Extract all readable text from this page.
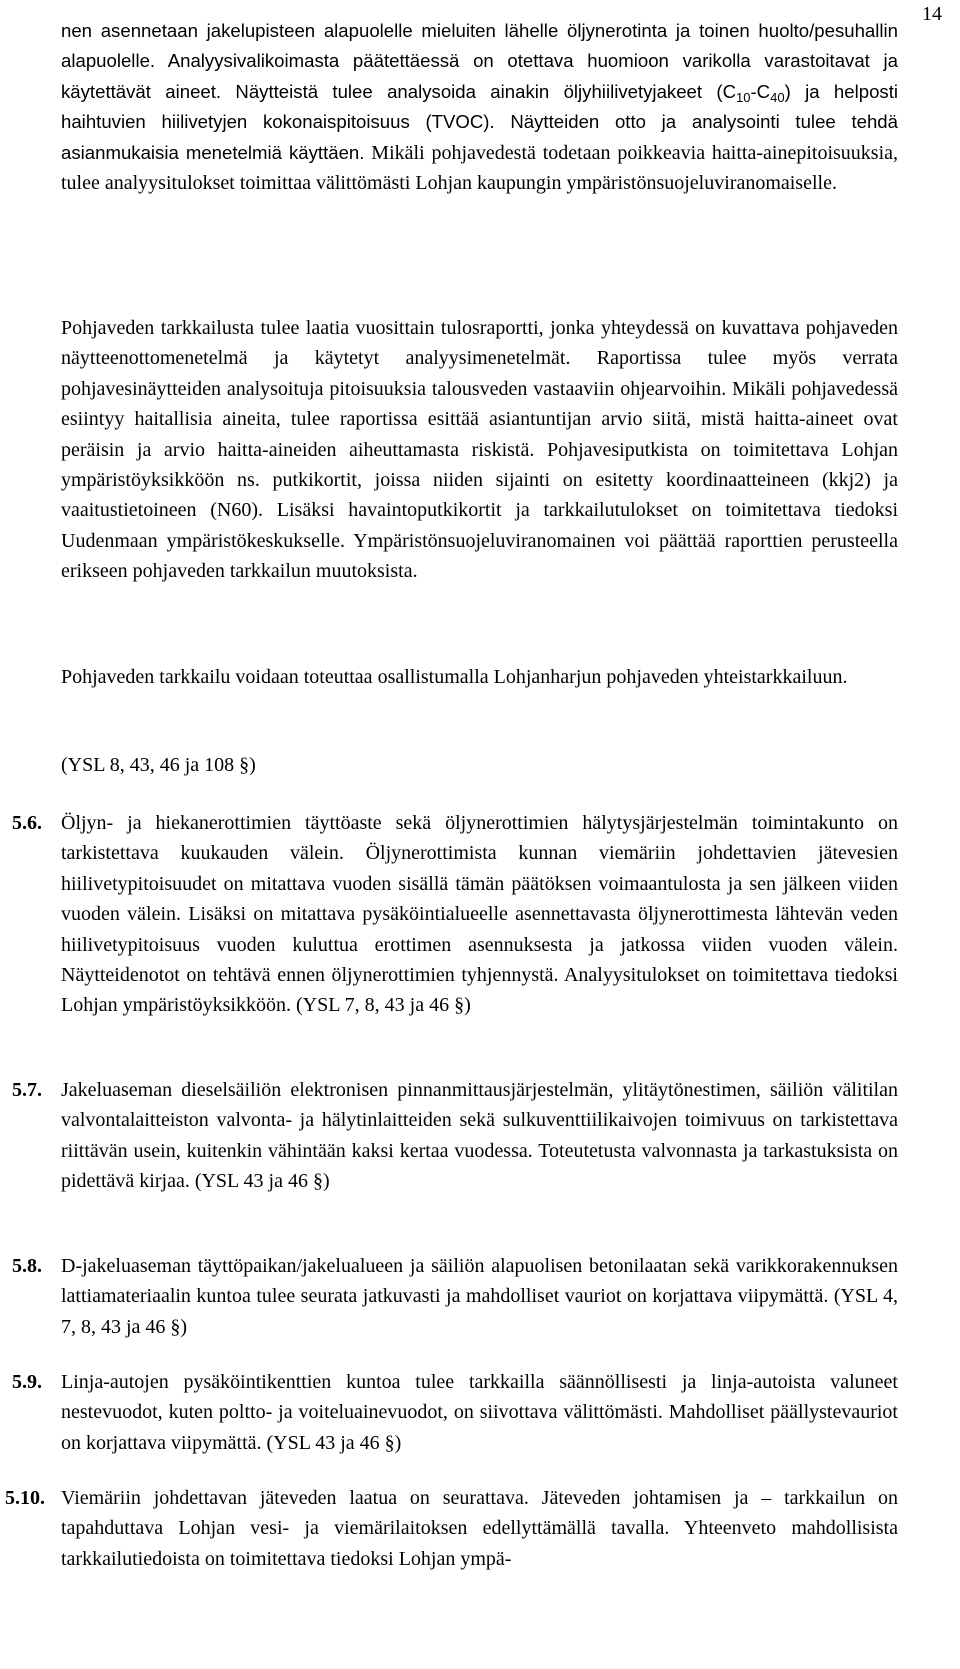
14

nen asennetaan jakelupisteen alapuolelle mieluiten lähelle öljynerotinta ja toinen huolto/pesuhallin alapuolelle. Analyysivalikoimasta päätettäessä on otettava huomioon varikolla varastoitavat ja käytettävät aineet. Näytteistä tulee analysoida ainakin öljyhiilivetyjakeet $(C_{10}-C_{40})$ ja helposti haihtuvien hiilivetyjen kokonaispitoisuus (TVOC). Näytteiden otto ja analysointi tulee tehdä asianmukaisia menetelmiä käyttäen. Mikäli pohjavedestä todetaan poikkeavia haitta-ainepitoisuuksia, tulee analyysitulokset toimittaa välittömästi Lohjan kaupungin ympäristönsuojeluviranomaiselle.

Pohjaveden tarkkailusta tulee laatia vuosittain tulosraportti, jonka yhteydessä on kuvattava pohjaveden näytteenottomenetelmä ja käytetyt analyysimenetelmät. Raportissa tulee myös verrata pohjavesinäytteiden analysoituja pitoisuuksia talousveden vastaaviin ohjearvoihin. Mikäli pohjavedessä esiintyy haitallisia aineita, tulee raportissa esittää asiantuntijan arvio siitä, mistä haitta-aineet ovat peräisin ja arvio haitta-aineiden aiheuttamasta riskistä. Pohjavesiputkista on toimitettava Lohjan ympäristöyksikköön ns. putkikortit, joissa niiden sijainti on esitetty koordinaatteineen (kkj2) ja vaaitustietoineen (N60). Lisäksi havaintoputkikortit ja tarkkailutulokset on toimitettava tiedoksi Uudenmaan ympäristökeskukselle. Ympäristönsuojeluviranomainen voi päättää raporttien perusteella erikseen pohjaveden tarkkailun muutoksista.

Pohjaveden tarkkailu voidaan toteuttaa osallistumalla Lohjanharjun pohjaveden yhteistarkkailuun.

(YSL 8, 43, 46 ja 108 §)
5.6. Öljyn- ja hiekanerottimien täyttöaste sekä öljynerottimien hälytysjärjestelmän toimintakunto on tarkistettava kuukauden välein. Öljynerottimista kunnan viemäriin johdettavien jätevesien hiilivetypitoisuudet on mitattava vuoden sisällä tämän päätöksen voimaantulosta ja sen jälkeen viiden vuoden välein. Lisäksi on mitattava pysäköintialueelle asennettavasta öljynerottimesta lähtevän veden hiilivetypitoisuus vuoden kuluttua erottimen asennuksesta ja jatkossa viiden vuoden välein. Näytteidenotot on tehtävä ennen öljynerottimien tyhjennystä. Analyysitulokset on toimitettava tiedoksi Lohjan ympäristöyksikköön. (YSL 7, 8, 43 ja 46 §)

5.7. Jakeluaseman dieselsäiliön elektronisen pinnanmittausjärjestelmän, ylitäytönestimen, säiliön välitilan valvontalaitteiston valvonta- ja hälytinlaitteiden sekä sulkuventtiilikaivojen toimivuus on tarkistettava riittävän usein, kuitenkin vähintään kaksi kertaa vuodessa. Toteutetusta valvonnasta ja tarkastuksista on pidettävä kirjaa. (YSL 43 ja 46 §)

5.8. D-jakeluaseman täyttöpaikan/jakelualueen ja säiliön alapuolisen betonilaatan sekä varikkorakennuksen lattiamateriaalin kuntoa tulee seurata jatkuvasti ja mahdolliset vauriot on korjattava viipymättä. (YSL 4, 7, 8, 43 ja 46 §)

5.9. Linja-autojen pysäköintikenttien kuntoa tulee tarkkailla säännöllisesti ja linja-autoista valuneet nestevuodot, kuten poltto- ja voiteluainevuodot, on siivottava välittömästi. Mahdolliset päällystevauriot on korjattava viipymättä. (YSL 43 ja 46 §)

5.10. Viemäriin johdettavan jäteveden laatua on seurattava. Jäteveden johtamisen ja – tarkkailun on tapahduttava Lohjan vesi- ja viemärilaitoksen edellyttämällä tavalla. Yhteenveto mahdollisista tarkkailutiedoista on toimitettava tiedoksi Lohjan ympä-
